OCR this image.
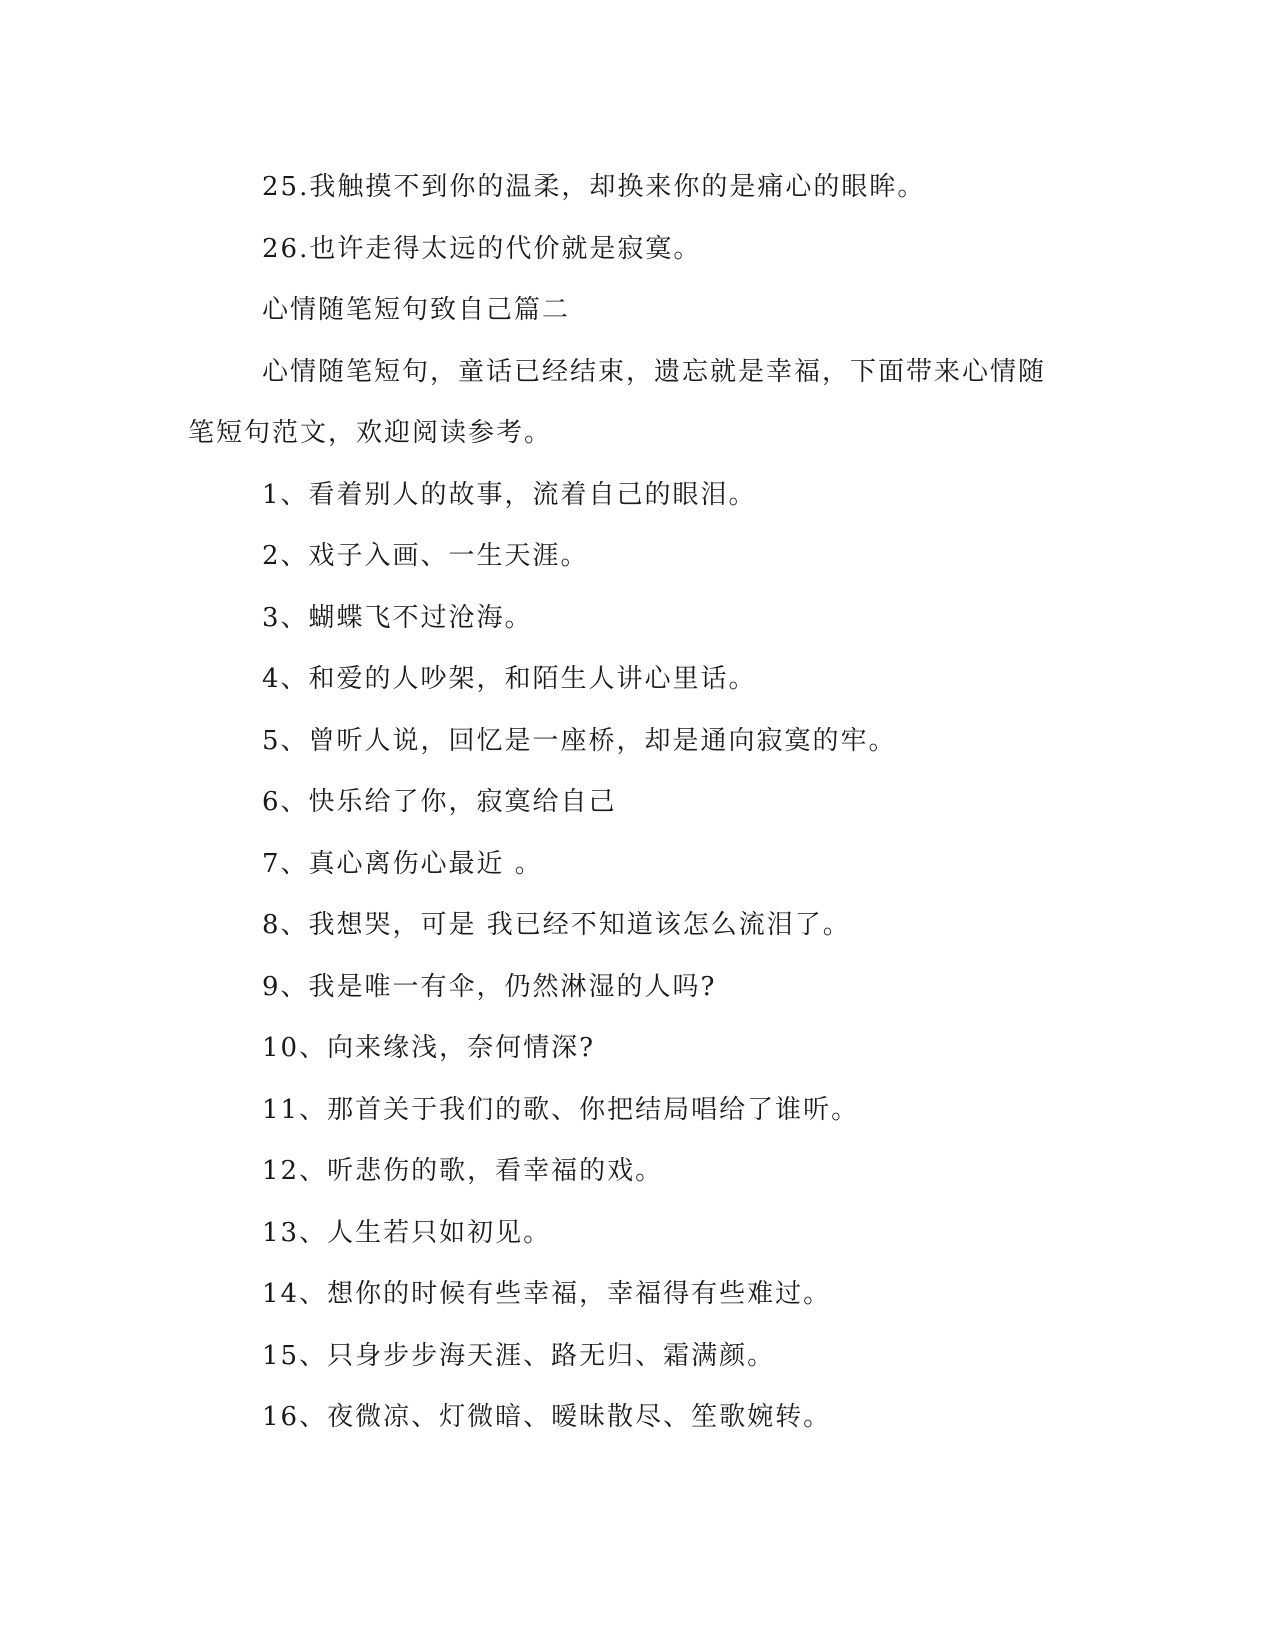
25.我触摸不到你的温柔，却换来你的是痛心的眼眸。

26.也许走得太远的代价就是寂寞。

心情随笔短句致自己篇二

心情随笔短句，童话已经结束，遗忘就是幸福，下面带来心情随

笔短句范文，欢迎阅读参考。

1、看着别人的故事，流着自己的眼泪。

2、戏子入画、一生天涯。

3、蝴蝶飞不过沧海。

4、和爱的人吵架，和陌生人讲心里话。

5、曾听人说，回忆是一座桥，却是通向寂寞的牢。

6、快乐给了你，寂寞给自己

7、真心离伤心最近 。

8、我想哭，可是 我已经不知道该怎么流泪了。

9、我是唯一有伞，仍然淋湿的人吗?

10、向来缘浅，奈何情深?

11、那首关于我们的歌、你把结局唱给了谁听。

12、听悲伤的歌，看幸福的戏。

13、人生若只如初见。

14、想你的时候有些幸福，幸福得有些难过。

15、只身步步海天涯、路无归、霜满颜。

16、夜微凉、灯微暗、暧昧散尽、笙歌婉转。
